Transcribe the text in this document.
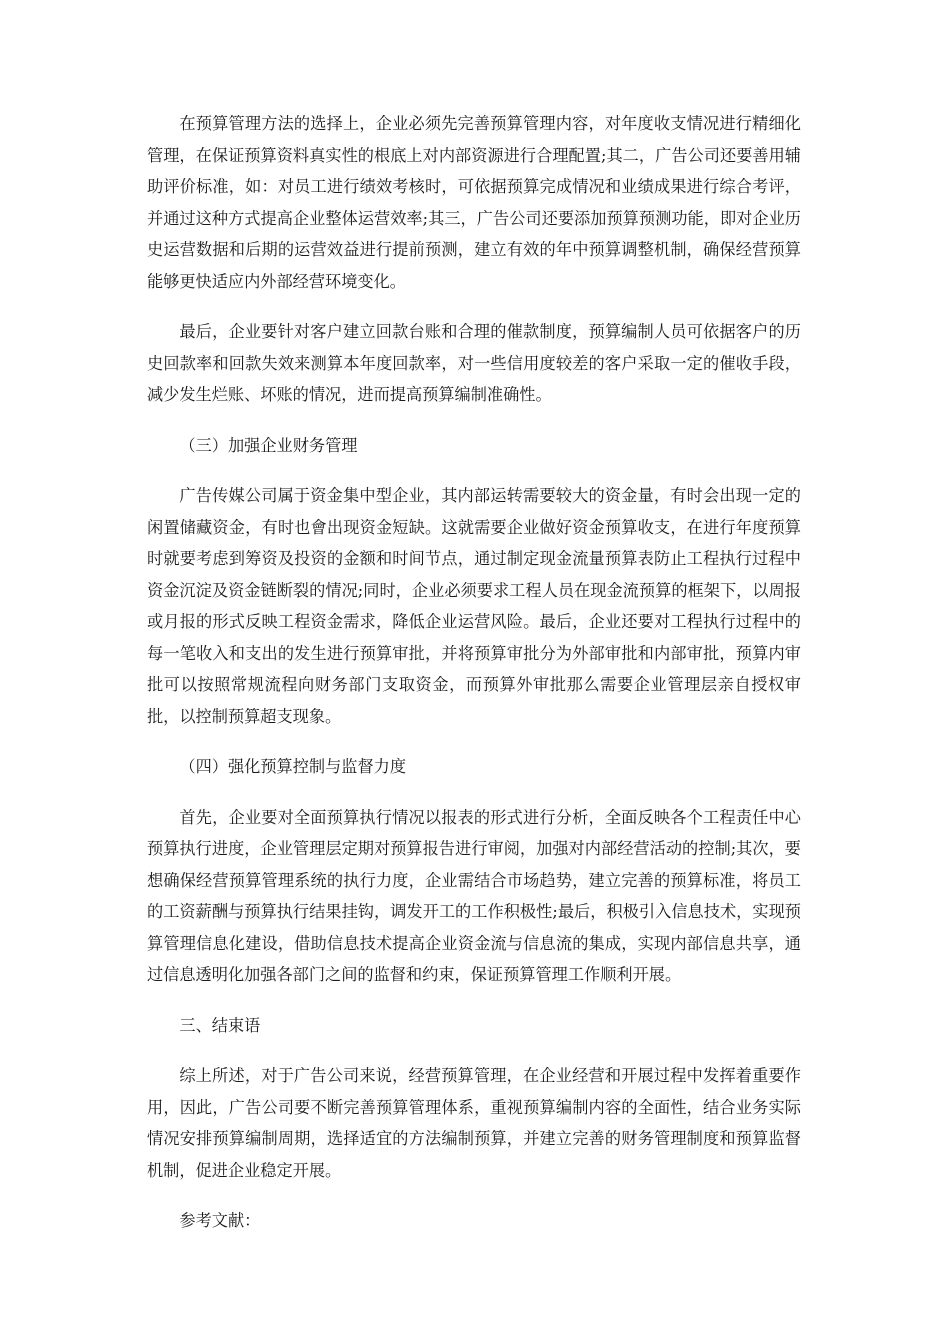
在预算管理方法的选择上，企业必须先完善预算管理内容，对年度收支情况进行精细化管理，在保证预算资料真实性的根底上对内部资源进行合理配置;其二，广告公司还要善用辅助评价标准，如：对员工进行绩效考核时，可依据预算完成情况和业绩成果进行综合考评，并通过这种方式提高企业整体运营效率;其三，广告公司还要添加预算预测功能，即对企业历史运营数据和后期的运营效益进行提前预测，建立有效的年中预算调整机制，确保经营预算能够更快适应内外部经营环境变化。

最后，企业要针对客户建立回款台账和合理的催款制度，预算编制人员可依据客户的历史回款率和回款失效来测算本年度回款率，对一些信用度较差的客户采取一定的催收手段，减少发生烂账、坏账的情况，进而提高预算编制准确性。

（三）加强企业财务管理

广告传媒公司属于资金集中型企业，其内部运转需要较大的资金量，有时会出现一定的闲置储藏资金，有时也會出现资金短缺。这就需要企业做好资金预算收支，在进行年度预算时就要考虑到筹资及投资的金额和时间节点，通过制定现金流量预算表防止工程执行过程中资金沉淀及资金链断裂的情况;同时，企业必须要求工程人员在现金流预算的框架下，以周报或月报的形式反映工程资金需求，降低企业运营风险。最后，企业还要对工程执行过程中的每一笔收入和支出的发生进行预算审批，并将预算审批分为外部审批和内部审批，预算内审批可以按照常规流程向财务部门支取资金，而预算外审批那么需要企业管理层亲自授权审批，以控制预算超支现象。

（四）强化预算控制与监督力度

首先，企业要对全面预算执行情况以报表的形式进行分析，全面反映各个工程责任中心预算执行进度，企业管理层定期对预算报告进行审阅，加强对内部经营活动的控制;其次，要想确保经营预算管理系统的执行力度，企业需结合市场趋势，建立完善的预算标准，将员工的工资薪酬与预算执行结果挂钩，调发开工的工作积极性;最后，积极引入信息技术，实现预算管理信息化建设，借助信息技术提高企业资金流与信息流的集成，实现内部信息共享，通过信息透明化加强各部门之间的监督和约束，保证预算管理工作顺利开展。

三、结束语

综上所述，对于广告公司来说，经营预算管理，在企业经营和开展过程中发挥着重要作用，因此，广告公司要不断完善预算管理体系，重视预算编制内容的全面性，结合业务实际情况安排预算编制周期，选择适宜的方法编制预算，并建立完善的财务管理制度和预算监督机制，促进企业稳定开展。

参考文献：
